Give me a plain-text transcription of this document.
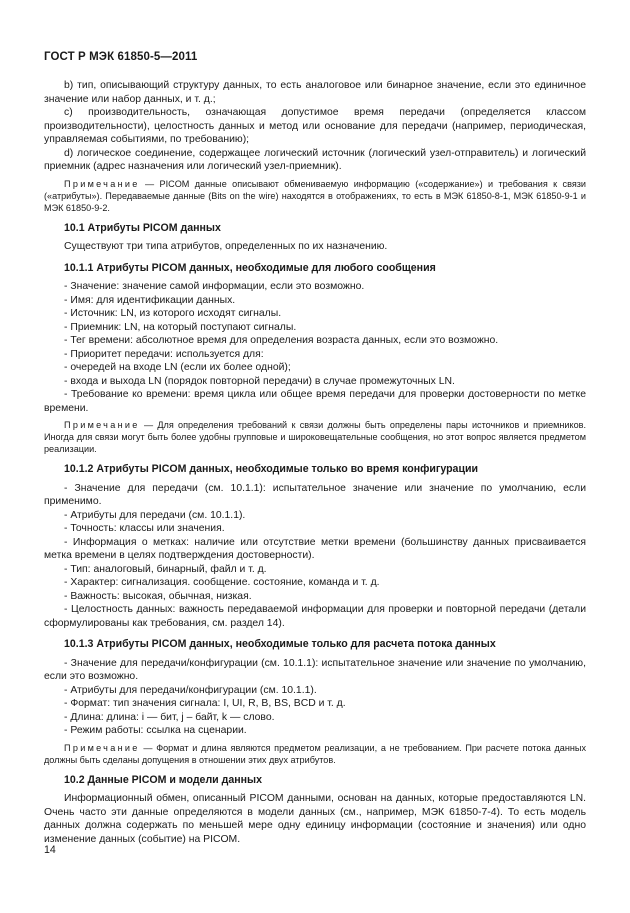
ГОСТ Р МЭК 61850-5—2011

b) тип, описывающий структуру данных, то есть аналоговое или бинарное значение, если это единичное значение или набор данных, и т. д.;

с) производительность, означающая допустимое время передачи (определяется классом производительности), целостность данных и метод или основание для передачи (например, периодическая, управляемая событиями, по требованию);

d) логическое соединение, содержащее логический источник (логический узел-отправитель) и логический приемник (адрес назначения или логический узел-приемник).

Примечание — PICOM данные описывают обмениваемую информацию («содержание») и требования к связи («атрибуты»). Передаваемые данные (Bits on the wire) находятся в отображениях, то есть в МЭК 61850-8-1, МЭК 61850-9-1 и МЭК 61850-9-2.

10.1 Атрибуты PICOM данных

Существуют три типа атрибутов, определенных по их назначению.

10.1.1 Атрибуты PICOM данных, необходимые для любого сообщения

- Значение: значение самой информации, если это возможно.

- Имя: для идентификации данных.

- Источник: LN, из которого исходят сигналы.

- Приемник: LN, на который поступают сигналы.

- Тег времени: абсолютное время для определения возраста данных, если это возможно.

- Приоритет передачи: используется для:

- очередей на входе LN (если их более одной);

- входа и выхода LN (порядок повторной передачи) в случае промежуточных LN.

- Требование ко времени: время цикла или общее время передачи для проверки достоверности по метке времени.

Примечание — Для определения требований к связи должны быть определены пары источников и приемников. Иногда для связи могут быть более удобны групповые и широковещательные сообщения, но этот вопрос является предметом реализации.

10.1.2 Атрибуты PICOM данных, необходимые только во время конфигурации

- Значение для передачи (см. 10.1.1): испытательное значение или значение по умолчанию, если применимо.

- Атрибуты для передачи (см. 10.1.1).

- Точность: классы или значения.

- Информация о метках: наличие или отсутствие метки времени (большинству данных присваивается метка времени в целях подтверждения достоверности).

- Тип: аналоговый, бинарный, файл и т. д.

- Характер: сигнализация. сообщение. состояние, команда и т. д.

- Важность: высокая, обычная, низкая.

- Целостность данных: важность передаваемой информации для проверки и повторной передачи (детали сформулированы как требования, см. раздел 14).

10.1.3 Атрибуты PICOM данных, необходимые только для расчета потока данных

- Значение для передачи/конфигурации (см. 10.1.1): испытательное значение или значение по умолчанию, если это возможно.

- Атрибуты для передачи/конфигурации (см. 10.1.1).

- Формат: тип значения сигнала: I, UI, R, B, BS, BCD и т. д.

- Длина: длина: i — бит, j – байт, k — слово.

- Режим работы: ссылка на сценарии.

Примечание — Формат и длина являются предметом реализации, а не требованием. При расчете потока данных должны быть сделаны допущения в отношении этих двух атрибутов.

10.2 Данные PICOM и модели данных

Информационный обмен, описанный PICOM данными, основан на данных, которые предоставляются LN. Очень часто эти данные определяются в модели данных (см., например, МЭК 61850-7-4). То есть модель данных должна содержать по меньшей мере одну единицу информации (состояние и значения) или одно изменение данных (событие) на PICOM.

14
